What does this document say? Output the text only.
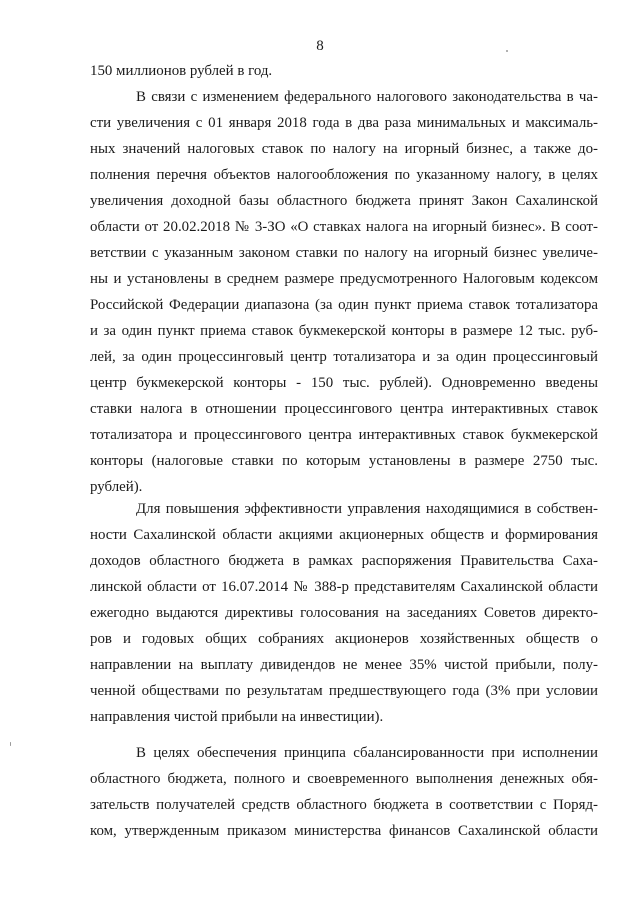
8
150 миллионов рублей в год.
В связи с изменением федерального налогового законодательства в ча-
сти увеличения с 01 января 2018 года в два раза минимальных и максималь-
ных значений налоговых ставок по налогу на игорный бизнес, а также до-
полнения перечня объектов налогообложения по указанному налогу, в целях
увеличения доходной базы областного бюджета принят Закон Сахалинской
области от 20.02.2018 № 3-ЗО «О ставках налога на игорный бизнес». В соот-
ветствии с указанным законом ставки по налогу на игорный бизнес увеличе-
ны и установлены в среднем размере предусмотренного Налоговым кодексом
Российской Федерации диапазона (за один пункт приема ставок тотализатора
и за один пункт приема ставок букмекерской конторы в размере 12 тыс. руб-
лей, за один процессинговый центр тотализатора и за один процессинговый
центр букмекерской конторы - 150 тыс. рублей). Одновременно введены
ставки налога в отношении процессингового центра интерактивных ставок
тотализатора и процессингового центра интерактивных ставок букмекерской
конторы (налоговые ставки по которым установлены в размере 2750 тыс.
рублей).
Для повышения эффективности управления находящимися в собствен-
ности Сахалинской области акциями акционерных обществ и формирования
доходов областного бюджета в рамках распоряжения Правительства Саха-
линской области от 16.07.2014 № 388-р представителям Сахалинской области
ежегодно выдаются директивы голосования на заседаниях Советов директо-
ров и годовых общих собраниях акционеров хозяйственных обществ о
направлении на выплату дивидендов не менее 35% чистой прибыли, полу-
ченной обществами по результатам предшествующего года (3% при условии
направления чистой прибыли на инвестиции).
В целях обеспечения принципа сбалансированности при исполнении
областного бюджета, полного и своевременного выполнения денежных обя-
зательств получателей средств областного бюджета в соответствии с Поряд-
ком, утвержденным приказом министерства финансов Сахалинской области
